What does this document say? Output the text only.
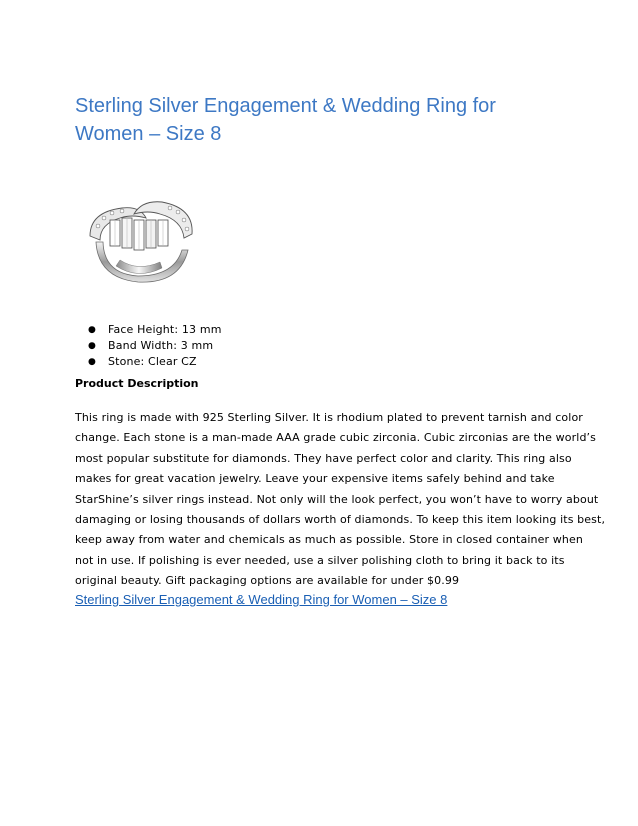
Sterling Silver Engagement & Wedding Ring for
Women – Size 8
● Face Height: 13 mm
● Band Width: 3 mm
● Stone: Clear CZ
Product Description

This ring is made with 925 Sterling Silver. It is rhodium plated to prevent tarnish and color
change. Each stone is a man-made AAA grade cubic zirconia. Cubic zirconias are the world’s
most popular substitute for diamonds. They have perfect color and clarity. This ring also
makes for great vacation jewelry. Leave your expensive items safely behind and take
StarShine’s silver rings instead. Not only will the look perfect, you won’t have to worry about
damaging or losing thousands of dollars worth of diamonds. To keep this item looking its best,
keep away from water and chemicals as much as possible. Store in closed container when
not in use. If polishing is ever needed, use a silver polishing cloth to bring it back to its
original beauty. Gift packaging options are available for under $0.99

Sterling Silver Engagement & Wedding Ring for Women – Size 8
